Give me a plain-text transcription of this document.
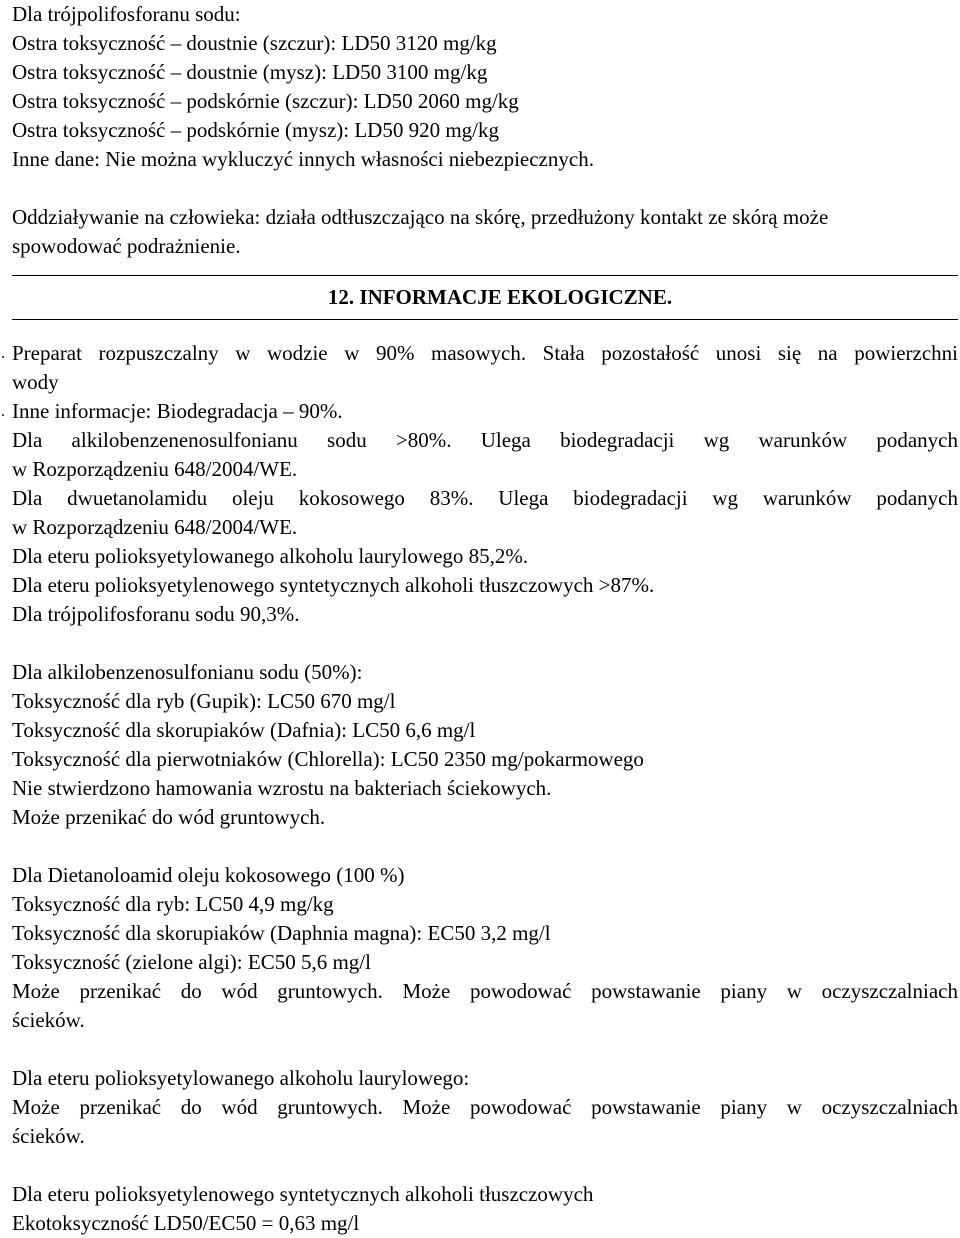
Dla trójpolifosforanu sodu:
Ostra toksyczność – doustnie (szczur): LD50 3120 mg/kg
Ostra toksyczność – doustnie (mysz): LD50 3100 mg/kg
Ostra toksyczność – podskórnie (szczur): LD50 2060 mg/kg
Ostra toksyczność – podskórnie (mysz): LD50 920 mg/kg
Inne dane: Nie można wykluczyć innych własności niebezpiecznych.
Oddziaływanie na człowieka: działa odtłuszczająco na skórę, przedłużony kontakt ze skórą może
spowodować podrażnienie.
12. INFORMACJE EKOLOGICZNE.
. Preparat rozpuszczalny w wodzie w 90% masowych. Stała pozostałość unosi się na powierzchni
wody
. Inne informacje: Biodegradacja – 90%.
Dla alkilobenzenenosulfonianu sodu >80%. Ulega biodegradacji wg warunków podanych
w Rozporządzeniu 648/2004/WE.
Dla dwuetanolamidu oleju kokosowego 83%. Ulega biodegradacji wg warunków podanych
w Rozporządzeniu 648/2004/WE.
Dla eteru polioksyetylowanego alkoholu laurylowego 85,2%.
Dla eteru polioksyetylenowego syntetycznych alkoholi tłuszczowych >87%.
Dla trójpolifosforanu sodu 90,3%.
Dla alkilobenzenosulfonianu sodu (50%):
Toksyczność dla ryb (Gupik): LC50 670 mg/l
Toksyczność dla skorupiaków (Dafnia): LC50 6,6 mg/l
Toksyczność dla pierwotniaków (Chlorella): LC50 2350 mg/pokarmowego
Nie stwierdzono hamowania wzrostu na bakteriach ściekowych.
Może przenikać do wód gruntowych.
Dla Dietanoloamid oleju kokosowego (100 %)
Toksyczność dla ryb: LC50 4,9 mg/kg
Toksyczność dla skorupiaków (Daphnia magna): EC50 3,2 mg/l
Toksyczność (zielone algi): EC50 5,6 mg/l
Może przenikać do wód gruntowych. Może powodować powstawanie piany w oczyszczalniach
ścieków.
Dla eteru polioksyetylowanego alkoholu laurylowego:
Może przenikać do wód gruntowych. Może powodować powstawanie piany w oczyszczalniach
ścieków.
Dla eteru polioksyetylenowego syntetycznych alkoholi tłuszczowych
Ekotoksyczność LD50/EC50 = 0,63 mg/l
